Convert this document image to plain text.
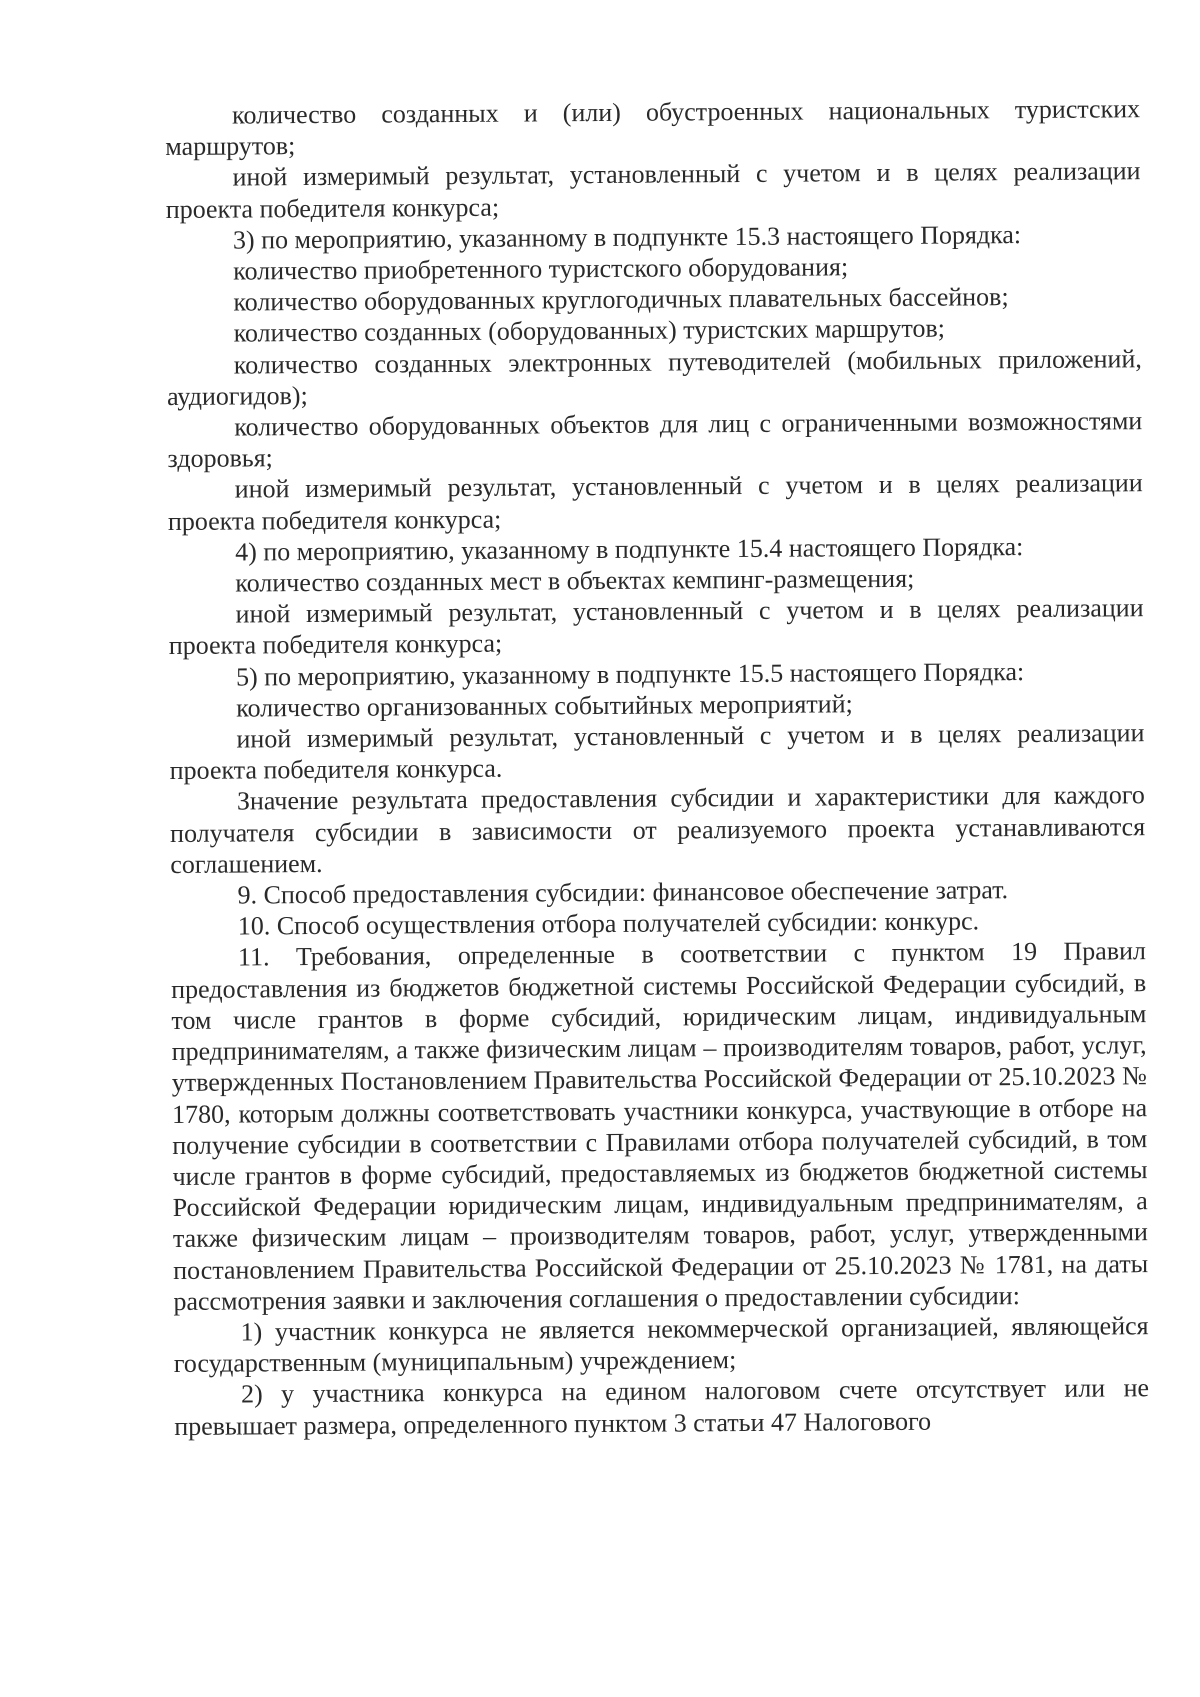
количество созданных и (или) обустроенных национальных туристских маршрутов;

иной измеримый результат, установленный с учетом и в целях реализации проекта победителя конкурса;

3) по мероприятию, указанному в подпункте 15.3 настоящего Порядка:

количество приобретенного туристского оборудования;

количество оборудованных круглогодичных плавательных бассейнов;

количество созданных (оборудованных) туристских маршрутов;

количество созданных электронных путеводителей (мобильных приложений, аудиогидов);

количество оборудованных объектов для лиц с ограниченными возможностями здоровья;

иной измеримый результат, установленный с учетом и в целях реализации проекта победителя конкурса;

4) по мероприятию, указанному в подпункте 15.4 настоящего Порядка:

количество созданных мест в объектах кемпинг-размещения;

иной измеримый результат, установленный с учетом и в целях реализации проекта победителя конкурса;

5) по мероприятию, указанному в подпункте 15.5 настоящего Порядка:

количество организованных событийных мероприятий;

иной измеримый результат, установленный с учетом и в целях реализации проекта победителя конкурса.

Значение результата предоставления субсидии и характеристики для каждого получателя субсидии в зависимости от реализуемого проекта устанавливаются соглашением.

9. Способ предоставления субсидии: финансовое обеспечение затрат.

10. Способ осуществления отбора получателей субсидии: конкурс.

11. Требования, определенные в соответствии с пунктом 19 Правил предоставления из бюджетов бюджетной системы Российской Федерации субсидий, в том числе грантов в форме субсидий, юридическим лицам, индивидуальным предпринимателям, а также физическим лицам – производителям товаров, работ, услуг, утвержденных Постановлением Правительства Российской Федерации от 25.10.2023 № 1780, которым должны соответствовать участники конкурса, участвующие в отборе на получение субсидии в соответствии с Правилами отбора получателей субсидий, в том числе грантов в форме субсидий, предоставляемых из бюджетов бюджетной системы Российской Федерации юридическим лицам, индивидуальным предпринимателям, а также физическим лицам – производителям товаров, работ, услуг, утвержденными постановлением Правительства Российской Федерации от 25.10.2023 № 1781, на даты рассмотрения заявки и заключения соглашения о предоставлении субсидии:

1) участник конкурса не является некоммерческой организацией, являющейся государственным (муниципальным) учреждением;

2) у участника конкурса на едином налоговом счете отсутствует или не превышает размера, определенного пунктом 3 статьи 47 Налогового
